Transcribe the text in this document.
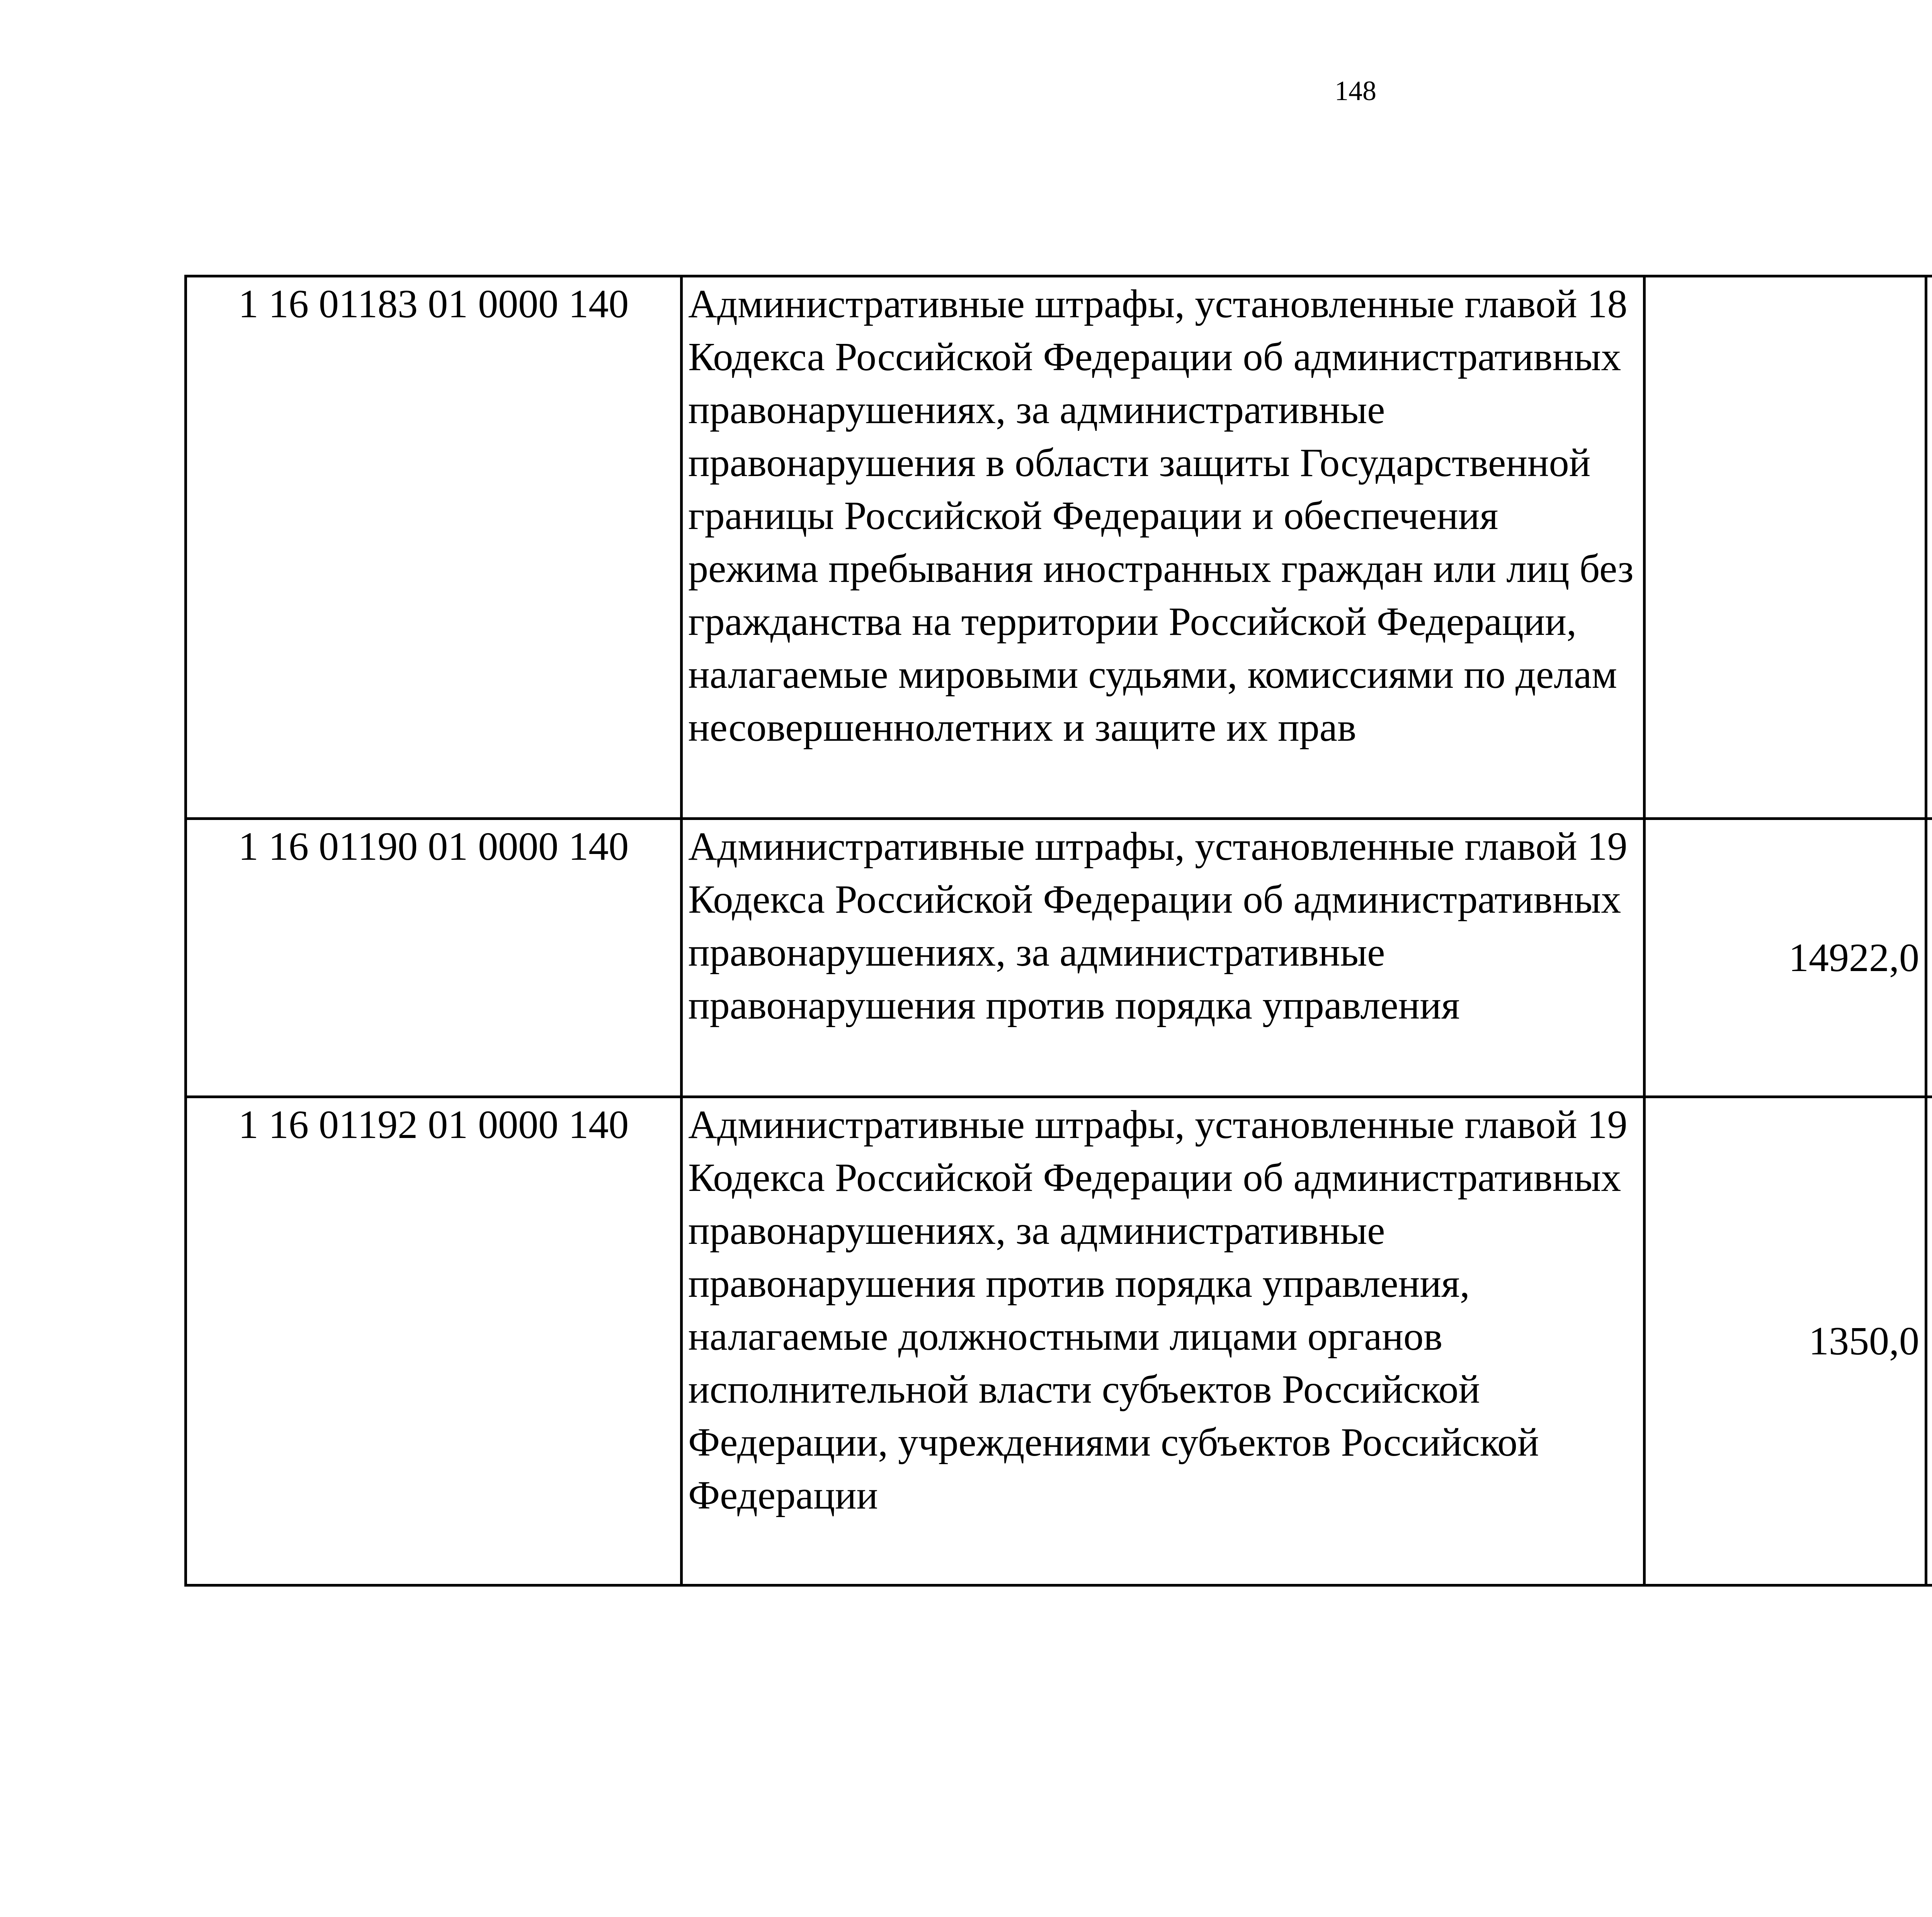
148
1 16 01183 01 0000 140	Административные штрафы, установленные главой 18 Кодекса Российской Федерации об административных правонарушениях, за административные правонарушения в области защиты Государственной границы Российской Федерации и обеспечения режима пребывания иностранных граждан или лиц без гражданства на территории Российской Федерации, налагаемые мировыми судьями, комиссиями по делам несовершеннолетних и защите их прав			
1 16 01190 01 0000 140	Административные штрафы, установленные главой 19 Кодекса Российской Федерации об административных правонарушениях, за административные правонарушения против порядка управления	14922,0		
1 16 01192 01 0000 140	Административные штрафы, установленные главой 19 Кодекса Российской Федерации об административных правонарушениях, за административные правонарушения против порядка управления, налагаемые должностными лицами органов исполнительной власти субъектов Российской Федерации, учреждениями субъектов Российской Федерации	1350,0		
